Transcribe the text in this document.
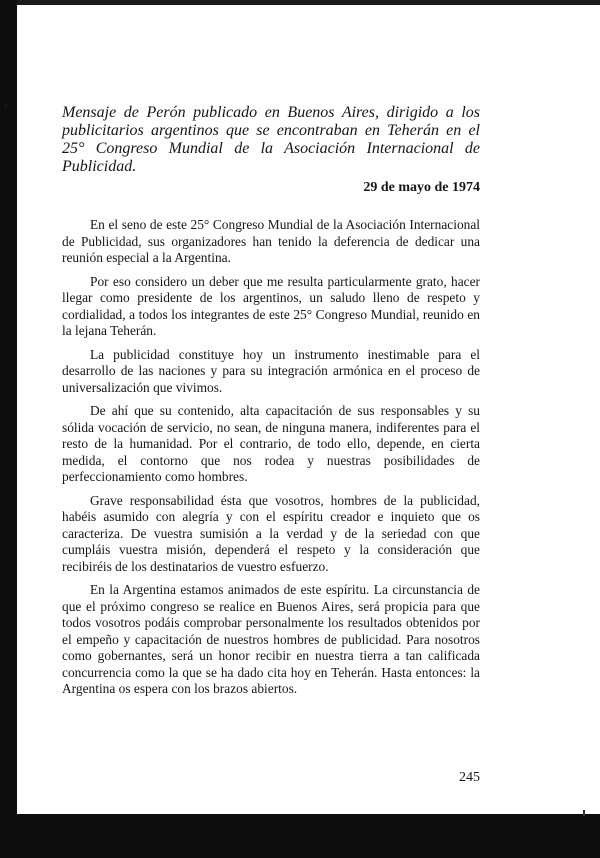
¡

Mensaje de Perón publicado en Buenos Aires, dirigido a los publicitarios argentinos que se encontraban en Teherán en el 25° Congreso Mundial de la Asociación Internacional de Publicidad.

29 de mayo de 1974

En el seno de este 25° Congreso Mundial de la Asociación Internacional de Publicidad, sus organizadores han tenido la deferencia de dedicar una reunión especial a la Argentina.

Por eso considero un deber que me resulta particularmente grato, hacer llegar como presidente de los argentinos, un saludo lleno de respeto y cordialidad, a todos los integrantes de este 25° Congreso Mundial, reunido en la lejana Teherán.

La publicidad constituye hoy un instrumento inestimable para el desarrollo de las naciones y para su integración armónica en el proceso de universalización que vivimos.

De ahí que su contenido, alta capacitación de sus responsables y su sólida vocación de servicio, no sean, de ninguna manera, indiferentes para el resto de la humanidad. Por el contrario, de todo ello, depende, en cierta medida, el contorno que nos rodea y nuestras posibilidades de perfeccionamiento como hombres.

Grave responsabilidad ésta que vosotros, hombres de la publicidad, habéis asumido con alegría y con el espíritu creador e inquieto que os caracteriza. De vuestra sumisión a la verdad y de la seriedad con que cumpláis vuestra misión, dependerá el respeto y la consideración que recibiréis de los destinatarios de vuestro esfuerzo.

En la Argentina estamos animados de este espíritu. La circunstancia de que el próximo congreso se realice en Buenos Aires, será propicia para que todos vosotros podáis comprobar personalmente los resultados obtenidos por el empeño y capacitación de nuestros hombres de publicidad. Para nosotros como gobernantes, será un honor recibir en nuestra tierra a tan calificada concurrencia como la que se ha dado cita hoy en Teherán. Hasta entonces: la Argentina os espera con los brazos abiertos.

245
